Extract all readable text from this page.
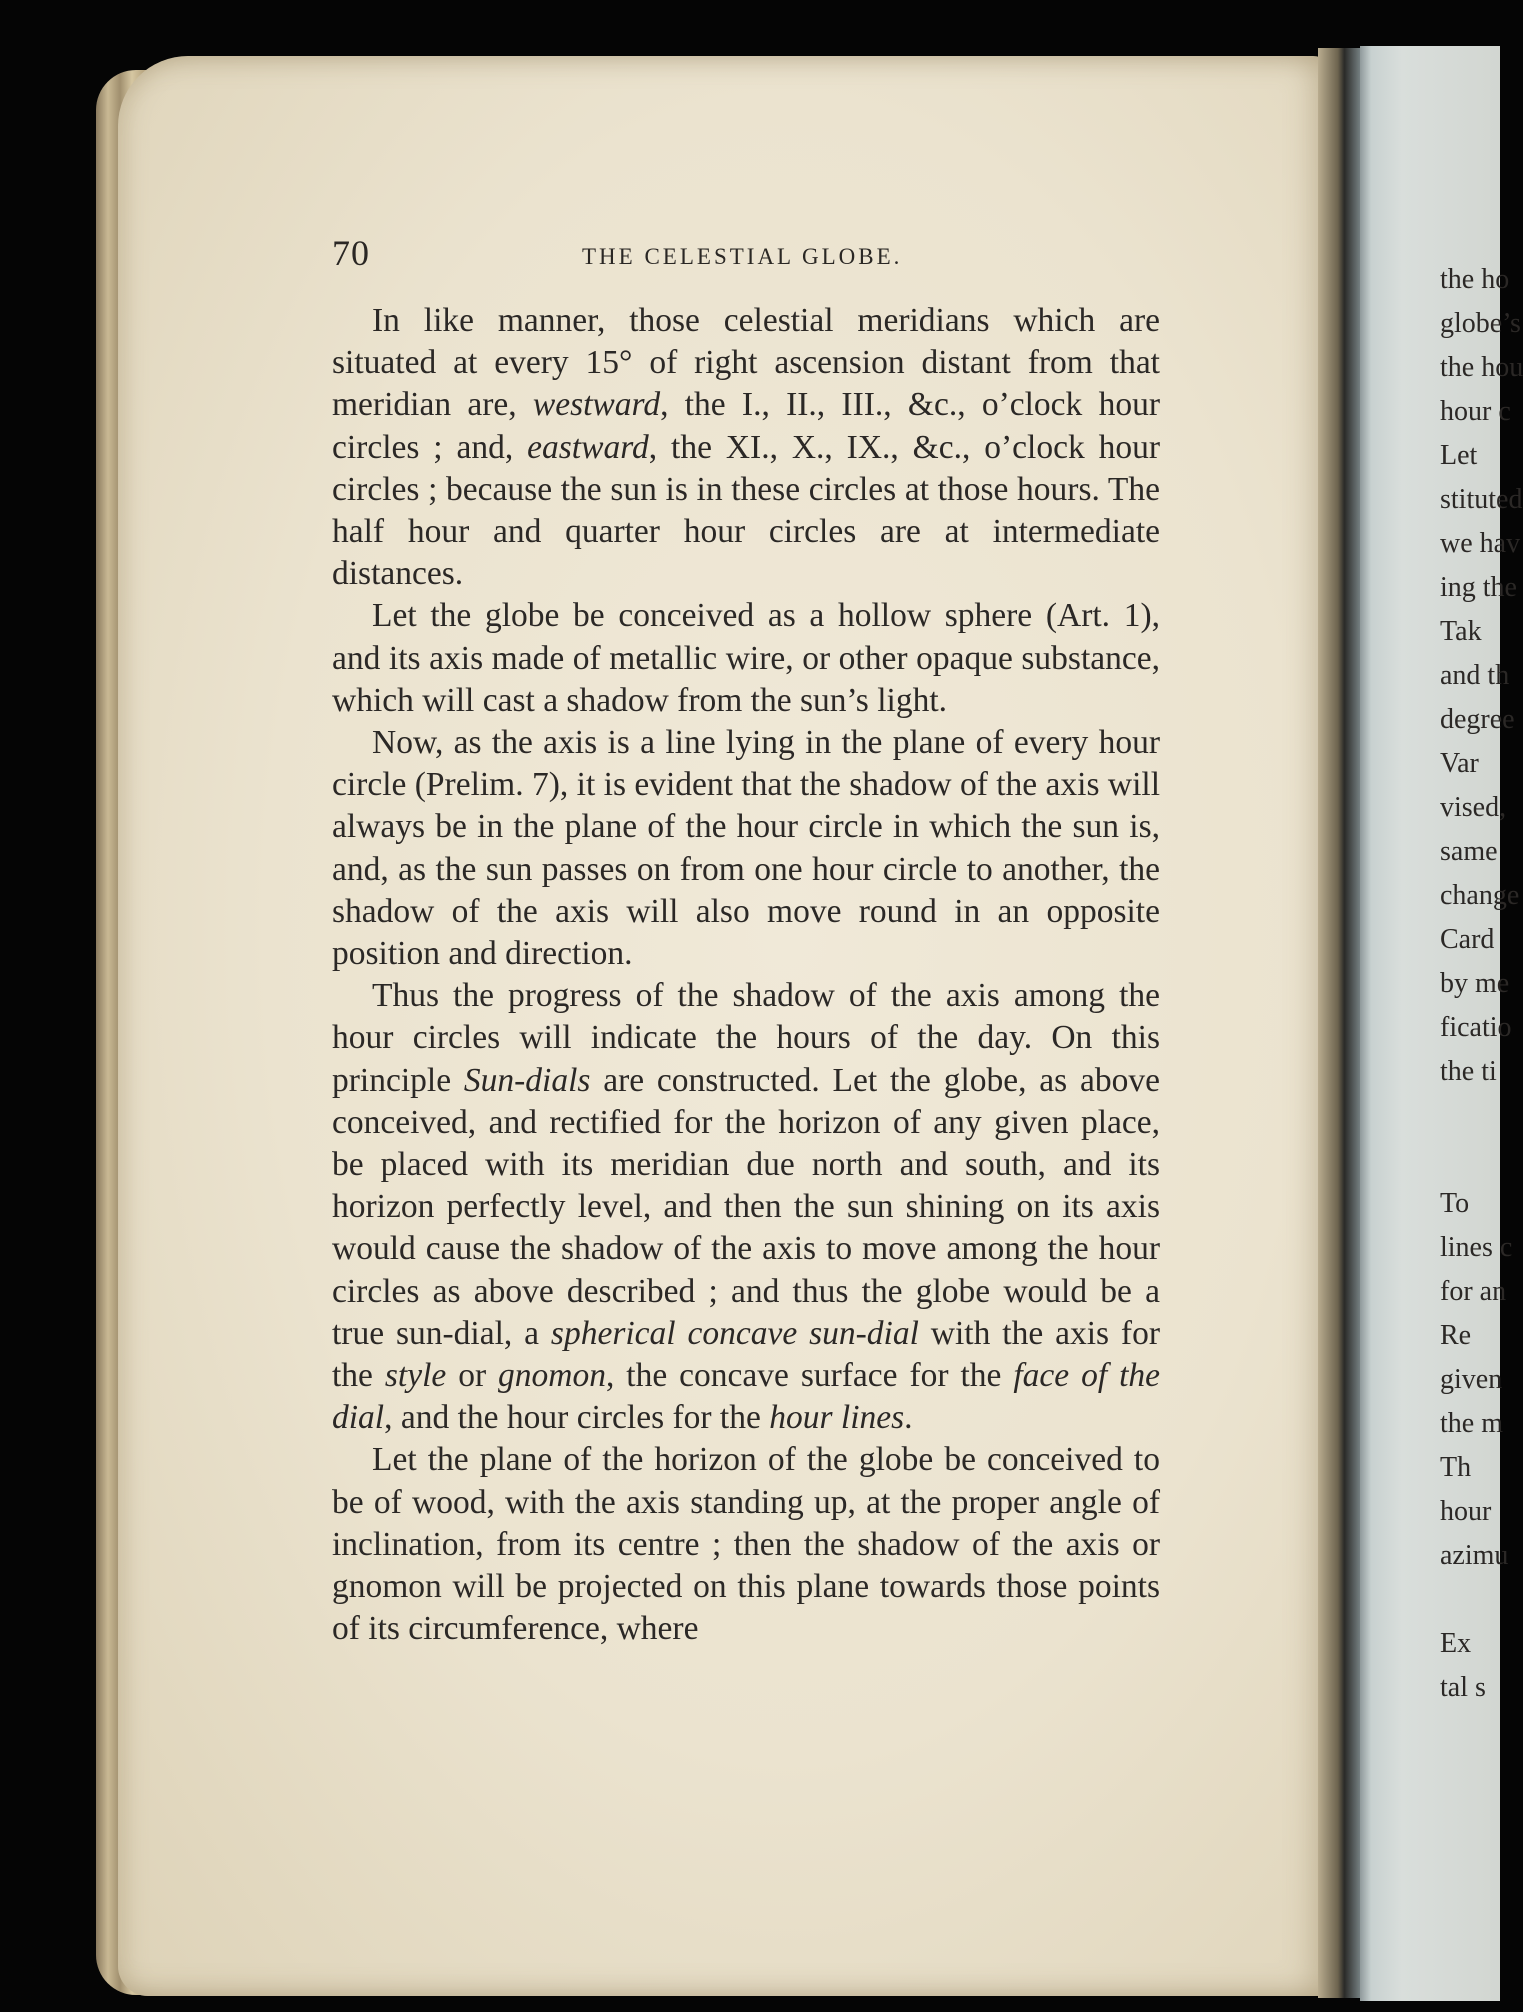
70	THE CELESTIAL GLOBE.

In like manner, those celestial meridians which are situated at every 15° of right ascension distant from that meridian are, westward, the I., II., III., &c., o’clock hour circles ; and, eastward, the XI., X., IX., &c., o’clock hour circles ; because the sun is in these circles at those hours. The half hour and quarter hour circles are at intermediate distances.

Let the globe be conceived as a hollow sphere (Art. 1), and its axis made of metallic wire, or other opaque substance, which will cast a shadow from the sun’s light.

Now, as the axis is a line lying in the plane of every hour circle (Prelim. 7), it is evident that the shadow of the axis will always be in the plane of the hour circle in which the sun is, and, as the sun passes on from one hour circle to another, the shadow of the axis will also move round in an opposite position and direction.

Thus the progress of the shadow of the axis among the hour circles will indicate the hours of the day. On this principle Sun-dials are constructed. Let the globe, as above conceived, and rectified for the horizon of any given place, be placed with its meridian due north and south, and its horizon perfectly level, and then the sun shining on its axis would cause the shadow of the axis to move among the hour circles as above described ; and thus the globe would be a true sun-dial, a spherical concave sun-dial with the axis for the style or gnomon, the concave surface for the face of the dial, and the hour circles for the hour lines.

Let the plane of the horizon of the globe be conceived to be of wood, with the axis standing up, at the proper angle of inclination, from its centre ; then the shadow of the axis or gnomon will be projected on this plane towards those points of its circumference, where

the ho
globe’s
the hou
hour c
Let
stituted
we hav
ing the
Tak
and th
degree
Var
vised,
same
change
Card
by me
ficatio
the ti
To
lines c
for an
Re
given
the m
Th
hour
azimu
Ex
tal s
